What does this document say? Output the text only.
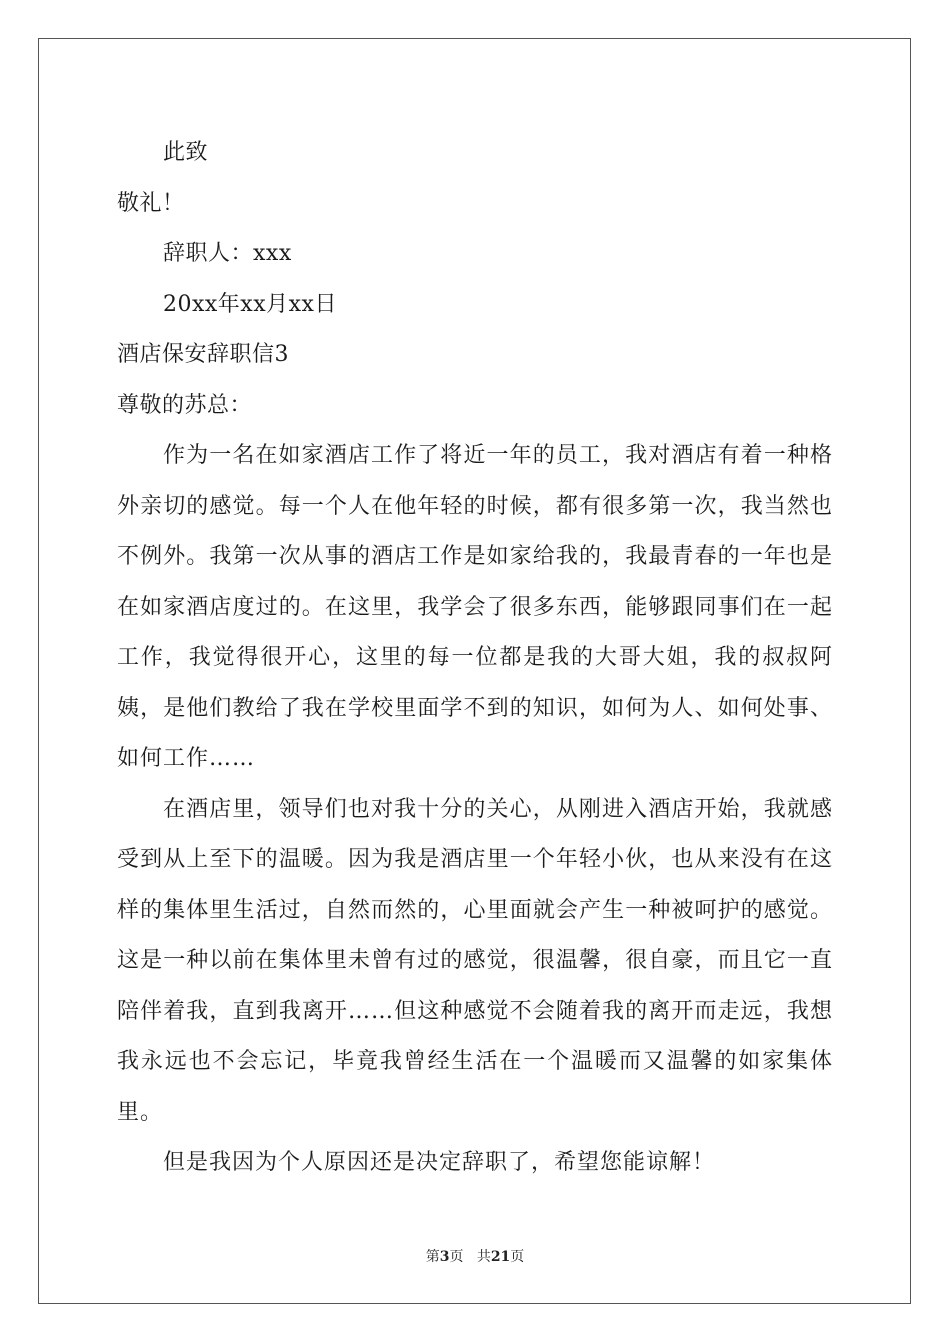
此致
敬礼！
辞职人：xxx
20xx年xx月xx日
酒店保安辞职信3
尊敬的苏总：
作为一名在如家酒店工作了将近一年的员工，我对酒店有着一种格外亲切的感觉。每一个人在他年轻的时候，都有很多第一次，我当然也不例外。我第一次从事的酒店工作是如家给我的，我最青春的一年也是在如家酒店度过的。在这里，我学会了很多东西，能够跟同事们在一起工作，我觉得很开心，这里的每一位都是我的大哥大姐，我的叔叔阿姨，是他们教给了我在学校里面学不到的知识，如何为人、如何处事、如何工作……
在酒店里，领导们也对我十分的关心，从刚进入酒店开始，我就感受到从上至下的温暖。因为我是酒店里一个年轻小伙，也从来没有在这样的集体里生活过，自然而然的，心里面就会产生一种被呵护的感觉。这是一种以前在集体里未曾有过的感觉，很温馨，很自豪，而且它一直陪伴着我，直到我离开……但这种感觉不会随着我的离开而走远，我想我永远也不会忘记，毕竟我曾经生活在一个温暖而又温馨的如家集体里。
但是我因为个人原因还是决定辞职了，希望您能谅解！
第3页 共21页
